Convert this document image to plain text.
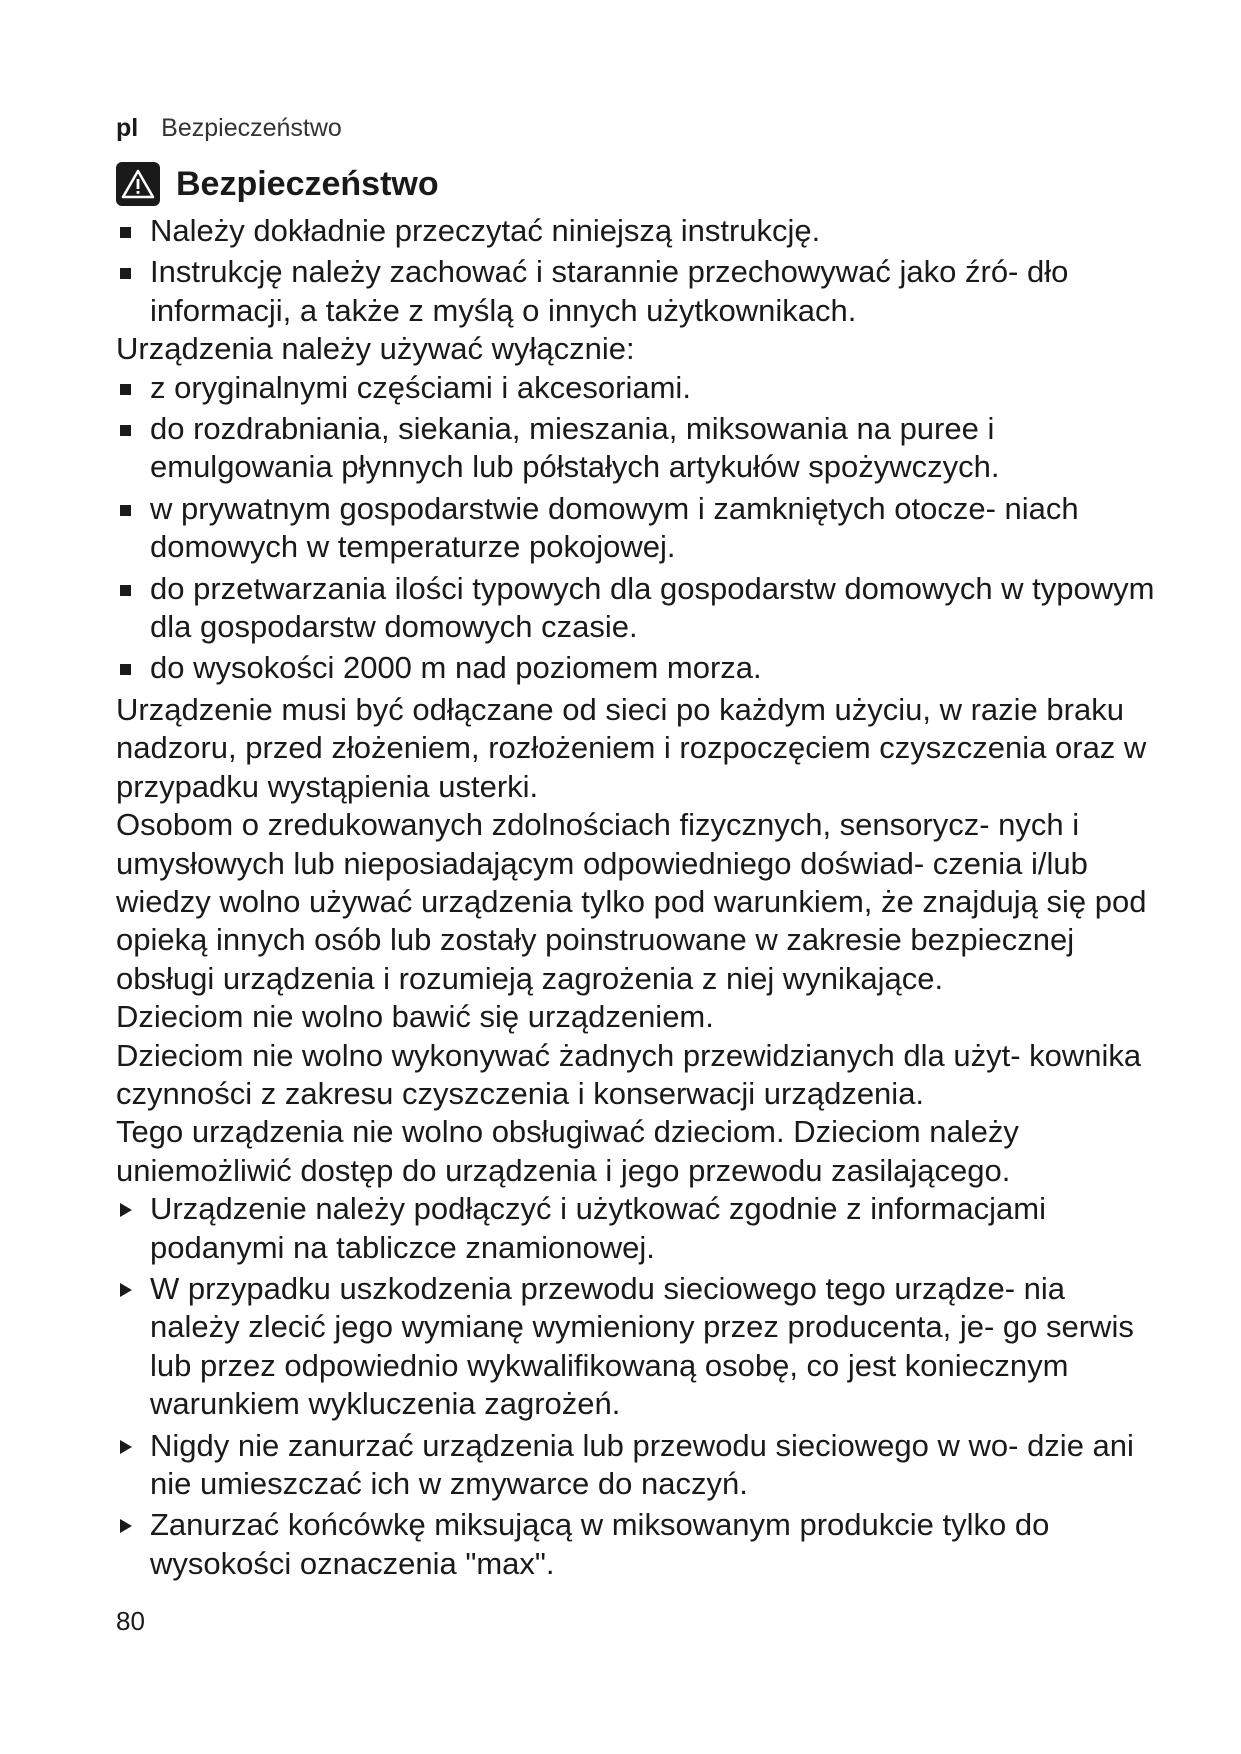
pl Bezpieczeństwo
Bezpieczeństwo

Należy dokładnie przeczytać niniejszą instrukcję.

Instrukcję należy zachować i starannie przechowywać jako źró- dło informacji, a także z myślą o innych użytkownikach.

Urządzenia należy używać wyłącznie:

z oryginalnymi częściami i akcesoriami.

do rozdrabniania, siekania, mieszania, miksowania na puree i emulgowania płynnych lub półstałych artykułów spożywczych.

w prywatnym gospodarstwie domowym i zamkniętych otocze- niach domowych w temperaturze pokojowej.

do przetwarzania ilości typowych dla gospodarstw domowych w typowym dla gospodarstw domowych czasie.

do wysokości 2000 m nad poziomem morza.

Urządzenie musi być odłączane od sieci po każdym użyciu, w razie braku nadzoru, przed złożeniem, rozłożeniem i rozpoczęciem czyszczenia oraz w przypadku wystąpienia usterki.

Osobom o zredukowanych zdolnościach fizycznych, sensorycz- nych i umysłowych lub nieposiadającym odpowiedniego doświad- czenia i/lub wiedzy wolno używać urządzenia tylko pod warunkiem, że znajdują się pod opieką innych osób lub zostały poinstruowane w zakresie bezpiecznej obsługi urządzenia i rozumieją zagrożenia z niej wynikające.

Dzieciom nie wolno bawić się urządzeniem.

Dzieciom nie wolno wykonywać żadnych przewidzianych dla użyt- kownika czynności z zakresu czyszczenia i konserwacji urządzenia.

Tego urządzenia nie wolno obsługiwać dzieciom. Dzieciom należy uniemożliwić dostęp do urządzenia i jego przewodu zasilającego.

Urządzenie należy podłączyć i użytkować zgodnie z informacjami podanymi na tabliczce znamionowej.

W przypadku uszkodzenia przewodu sieciowego tego urządze- nia należy zlecić jego wymianę wymieniony przez producenta, je- go serwis lub przez odpowiednio wykwalifikowaną osobę, co jest koniecznym warunkiem wykluczenia zagrożeń.

Nigdy nie zanurzać urządzenia lub przewodu sieciowego w wo- dzie ani nie umieszczać ich w zmywarce do naczyń.

Zanurzać końcówkę miksującą w miksowanym produkcie tylko do wysokości oznaczenia "max".

80
